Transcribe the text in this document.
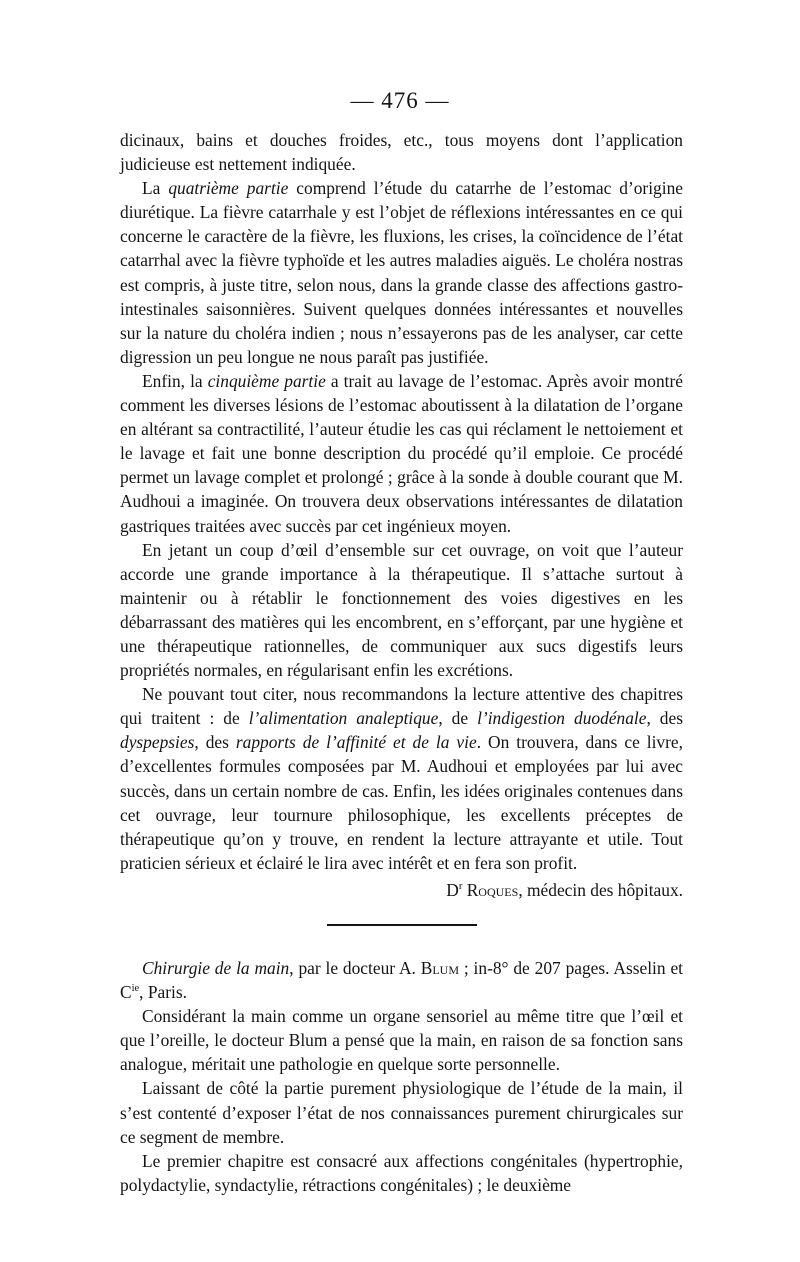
— 476 —

dicinaux, bains et douches froides, etc., tous moyens dont l’application judicieuse est nettement indiquée.

La quatrième partie comprend l’étude du catarrhe de l’estomac d’origine diurétique. La fièvre catarrhale y est l’objet de réflexions intéressantes en ce qui concerne le caractère de la fièvre, les fluxions, les crises, la coïncidence de l’état catarrhal avec la fièvre typhoïde et les autres maladies aiguës. Le choléra nostras est compris, à juste titre, selon nous, dans la grande classe des affections gastro-intestinales saisonnières. Suivent quelques données intéressantes et nouvelles sur la nature du choléra indien ; nous n’essayerons pas de les analyser, car cette digression un peu longue ne nous paraît pas justifiée.

Enfin, la cinquième partie a trait au lavage de l’estomac. Après avoir montré comment les diverses lésions de l’estomac aboutissent à la dilatation de l’organe en altérant sa contractilité, l’auteur étudie les cas qui réclament le nettoiement et le lavage et fait une bonne description du procédé qu’il emploie. Ce procédé permet un lavage complet et prolongé ; grâce à la sonde à double courant que M. Audhoui a imaginée. On trouvera deux observations intéressantes de dilatation gastriques traitées avec succès par cet ingénieux moyen.

En jetant un coup d’œil d’ensemble sur cet ouvrage, on voit que l’auteur accorde une grande importance à la thérapeutique. Il s’attache surtout à maintenir ou à rétablir le fonctionnement des voies digestives en les débarrassant des matières qui les encombrent, en s’efforçant, par une hygiène et une thérapeutique rationnelles, de communiquer aux sucs digestifs leurs propriétés normales, en régularisant enfin les excrétions.

Ne pouvant tout citer, nous recommandons la lecture attentive des chapitres qui traitent : de l’alimentation analeptique, de l’indigestion duodénale, des dyspepsies, des rapports de l’affinité et de la vie. On trouvera, dans ce livre, d’excellentes formules composées par M. Audhoui et employées par lui avec succès, dans un certain nombre de cas. Enfin, les idées originales contenues dans cet ouvrage, leur tournure philosophique, les excellents préceptes de thérapeutique qu’on y trouve, en rendent la lecture attrayante et utile. Tout praticien sérieux et éclairé le lira avec intérêt et en fera son profit.

$D^r$ Roques, médecin des hôpitaux.

Chirurgie de la main, par le docteur A. Blum ; in-8° de 207 pages. Asselin et $C^{ie}$, Paris.

Considérant la main comme un organe sensoriel au même titre que l’œil et que l’oreille, le docteur Blum a pensé que la main, en raison de sa fonction sans analogue, méritait une pathologie en quelque sorte personnelle.

Laissant de côté la partie purement physiologique de l’étude de la main, il s’est contenté d’exposer l’état de nos connaissances purement chirurgicales sur ce segment de membre.

Le premier chapitre est consacré aux affections congénitales (hypertrophie, polydactylie, syndactylie, rétractions congénitales) ; le deuxième
